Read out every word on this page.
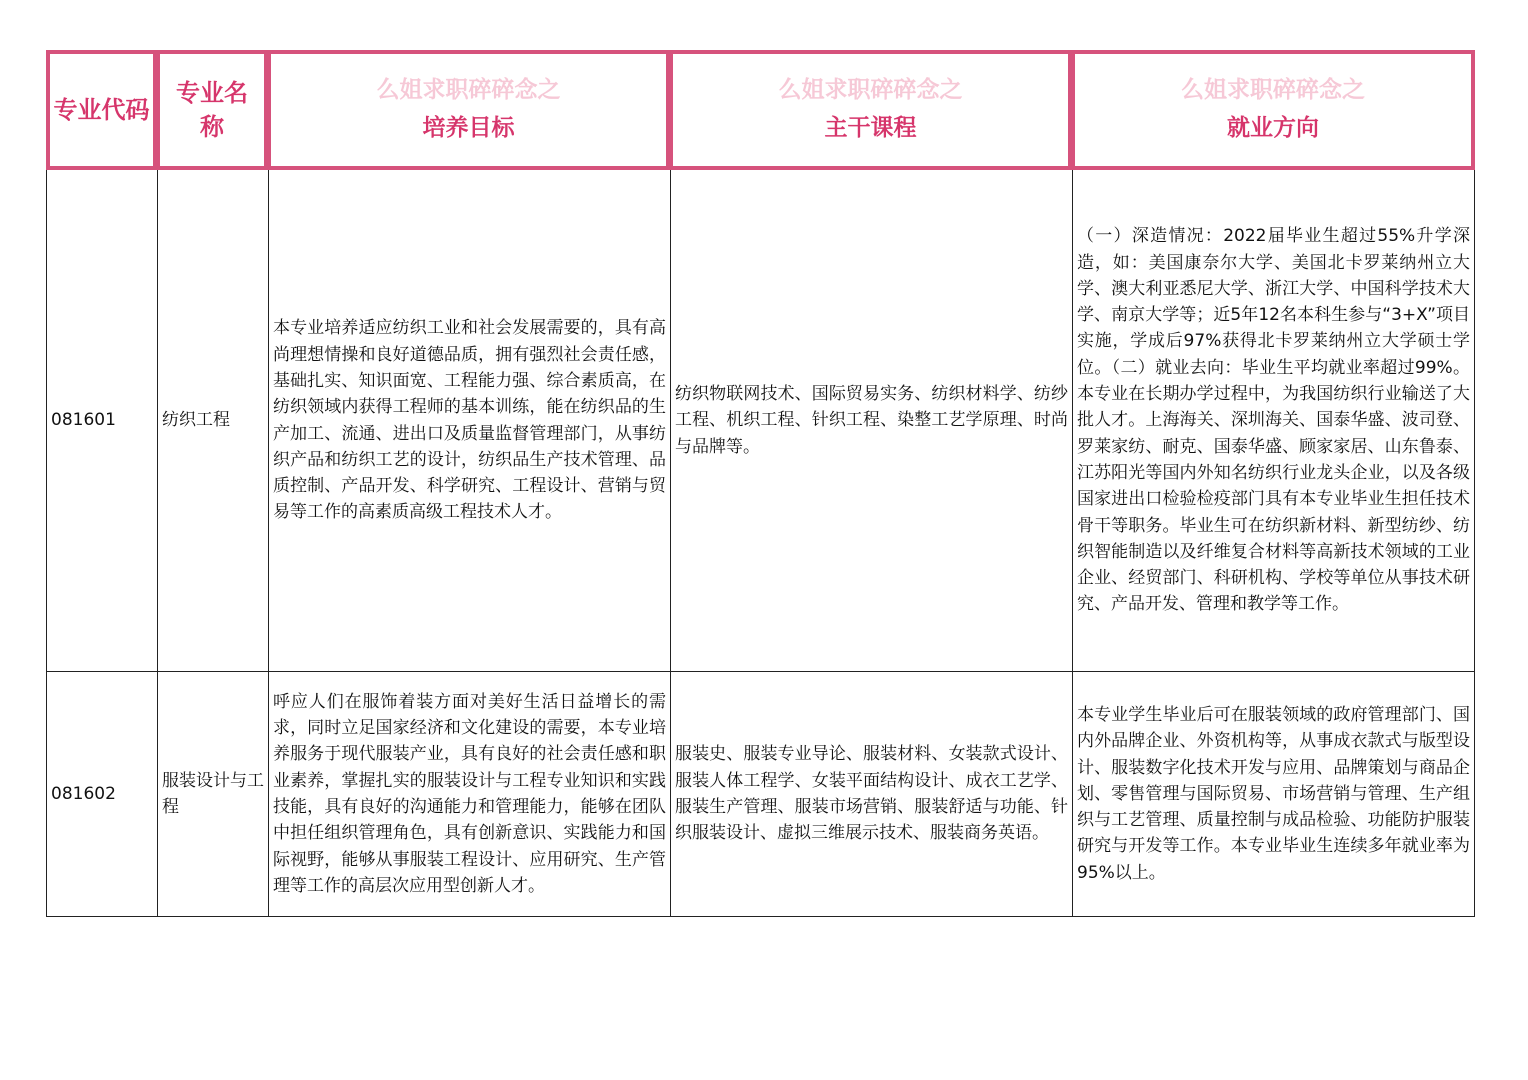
专业代码
专业名称
么姐求职碎碎念之
培养目标
么姐求职碎碎念之
主干课程
么姐求职碎碎念之
就业方向
081601	纺织工程
本专业培养适应纺织工业和社会发展需要的，具有高尚理想情操和良好道德品质，拥有强烈社会责任感，基础扎实、知识面宽、工程能力强、综合素质高，在纺织领域内获得工程师的基本训练，能在纺织品的生产加工、流通、进出口及质量监督管理部门，从事纺织产品和纺织工艺的设计，纺织品生产技术管理、品质控制、产品开发、科学研究、工程设计、营销与贸易等工作的高素质高级工程技术人才。
纺织物联网技术、国际贸易实务、纺织材料学、纺纱工程、机织工程、针织工程、染整工艺学原理、时尚与品牌等。
（一）深造情况：2022届毕业生超过55%升学深造，如：美国康奈尔大学、美国北卡罗莱纳州立大学、澳大利亚悉尼大学、浙江大学、中国科学技术大学、南京大学等；近5年12名本科生参与“3+X”项目实施，学成后97%获得北卡罗莱纳州立大学硕士学位。（二）就业去向：毕业生平均就业率超过99%。本专业在长期办学过程中，为我国纺织行业输送了大批人才。上海海关、深圳海关、国泰华盛、波司登、罗莱家纺、耐克、国泰华盛、顾家家居、山东鲁泰、江苏阳光等国内外知名纺织行业龙头企业，以及各级国家进出口检验检疫部门具有本专业毕业生担任技术骨干等职务。毕业生可在纺织新材料、新型纺纱、纺织智能制造以及纤维复合材料等高新技术领域的工业企业、经贸部门、科研机构、学校等单位从事技术研究、产品开发、管理和教学等工作。
081602
服装设计与工程
呼应人们在服饰着装方面对美好生活日益增长的需求，同时立足国家经济和文化建设的需要，本专业培养服务于现代服装产业，具有良好的社会责任感和职业素养，掌握扎实的服装设计与工程专业知识和实践技能，具有良好的沟通能力和管理能力，能够在团队中担任组织管理角色，具有创新意识、实践能力和国际视野，能够从事服装工程设计、应用研究、生产管理等工作的高层次应用型创新人才。
服装史、服装专业导论、服装材料、女装款式设计、服装人体工程学、女装平面结构设计、成衣工艺学、服装生产管理、服装市场营销、服装舒适与功能、针织服装设计、虚拟三维展示技术、服装商务英语。
本专业学生毕业后可在服装领域的政府管理部门、国内外品牌企业、外资机构等，从事成衣款式与版型设计、服装数字化技术开发与应用、品牌策划与商品企划、零售管理与国际贸易、市场营销与管理、生产组织与工艺管理、质量控制与成品检验、功能防护服装研究与开发等工作。本专业毕业生连续多年就业率为95%以上。
